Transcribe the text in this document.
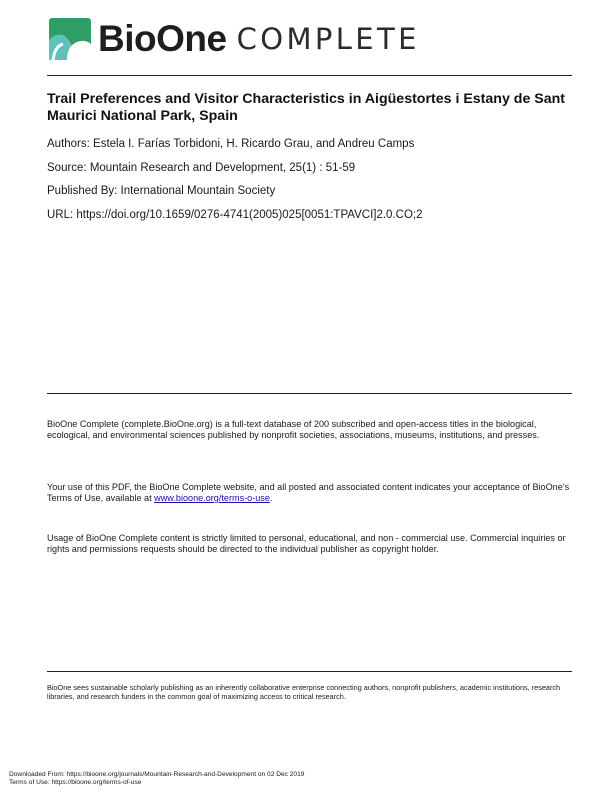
BioOne COMPLETE
Trail Preferences and Visitor Characteristics in Aigüestortes i Estany de Sant Maurici National Park, Spain
Authors: Estela I. Farías Torbidoni, H. Ricardo Grau, and Andreu Camps
Source: Mountain Research and Development, 25(1) : 51-59
Published By: International Mountain Society
URL: https://doi.org/10.1659/0276-4741(2005)025[0051:TPAVCI]2.0.CO;2

BioOne Complete (complete.BioOne.org) is a full-text database of 200 subscribed and open-access titles in the biological, ecological, and environmental sciences published by nonprofit societies, associations, museums, institutions, and presses.

Your use of this PDF, the BioOne Complete website, and all posted and associated content indicates your acceptance of BioOne’s Terms of Use, available at www.bioone.org/terms-o-use.

Usage of BioOne Complete content is strictly limited to personal, educational, and non - commercial use. Commercial inquiries or rights and permissions requests should be directed to the individual publisher as copyright holder.

BioOne sees sustainable scholarly publishing as an inherently collaborative enterprise connecting authors, nonprofit publishers, academic institutions, research libraries, and research funders in the common goal of maximizing access to critical research.

Downloaded From: https://bioone.org/journals/Mountain-Research-and-Development on 02 Dec 2019
Terms of Use: https://bioone.org/terms-of-use
